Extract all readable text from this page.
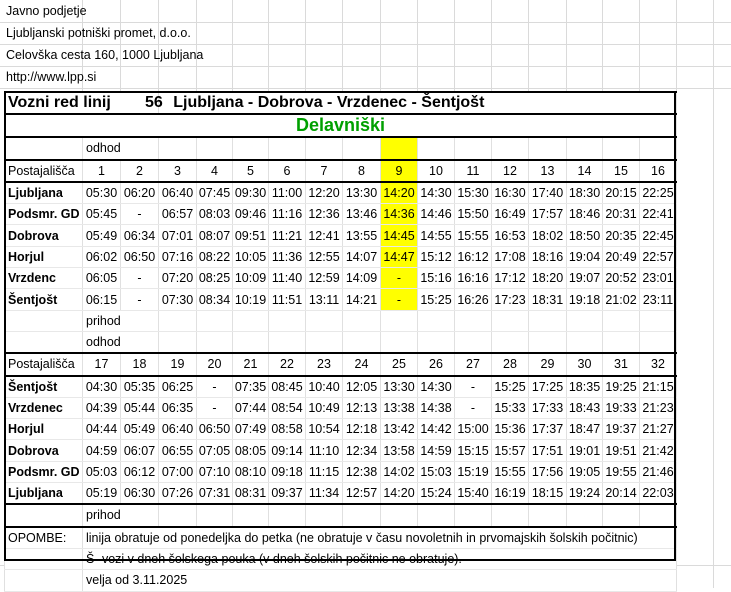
Javno podjetje
Ljubljanski potniški promet, d.o.o.
Celovška cesta 160, 1000 Ljubljana
http://www.lpp.si
Vozni red linij			56 Ljubljana - Dobrova - Vrzdenec - Šentjošt													
Delavniški																
	odhod															
Postajališča	1	2	3	4	5	6	7	8	9	10	11	12	13	14	15	16
Ljubljana	05:30	06:20	06:40	07:45	09:30	11:00	12:20	13:30	14:20	14:30	15:30	16:30	17:40	18:30	20:15	22:25
Podsmr. GD	05:45	-	06:57	08:03	09:46	11:16	12:36	13:46	14:36	14:46	15:50	16:49	17:57	18:46	20:31	22:41
Dobrova	05:49	06:34	07:01	08:07	09:51	11:21	12:41	13:55	14:45	14:55	15:55	16:53	18:02	18:50	20:35	22:45
Horjul	06:02	06:50	07:16	08:22	10:05	11:36	12:55	14:07	14:47	15:12	16:12	17:08	18:16	19:04	20:49	22:57
Vrzdenc	06:05	-	07:20	08:25	10:09	11:40	12:59	14:09	-	15:16	16:16	17:12	18:20	19:07	20:52	23:01
Šentjošt	06:15	-	07:30	08:34	10:19	11:51	13:11	14:21	-	15:25	16:26	17:23	18:31	19:18	21:02	23:11
	prihod															
	odhod															
Postajališča	17	18	19	20	21	22	23	24	25	26	27	28	29	30	31	32
Šentjošt	04:30	05:35	06:25	-	07:35	08:45	10:40	12:05	13:30	14:30	-	15:25	17:25	18:35	19:25	21:15
Vrzdenec	04:39	05:44	06:35	-	07:44	08:54	10:49	12:13	13:38	14:38	-	15:33	17:33	18:43	19:33	21:23
Horjul	04:44	05:49	06:40	06:50	07:49	08:58	10:54	12:18	13:42	14:42	15:00	15:36	17:37	18:47	19:37	21:27
Dobrova	04:59	06:07	06:55	07:05	08:05	09:14	11:10	12:34	13:58	14:59	15:15	15:57	17:51	19:01	19:51	21:42
Podsmr. GD	05:03	06:12	07:00	07:10	08:10	09:18	11:15	12:38	14:02	15:03	15:19	15:55	17:56	19:05	19:55	21:46
Ljubljana	05:19	06:30	07:26	07:31	08:31	09:37	11:34	12:57	14:20	15:24	15:40	16:19	18:15	19:24	20:14	22:03
	prihod															
OPOMBE:	linija obratuje od ponedeljka do petka (ne obratuje v času novoletnih in prvomajskih šolskih počitnic)															
	Š- vozi v dneh šolskega pouka (v dneh šolskih počitnic ne obratuje).															
	velja od 3.11.2025															
